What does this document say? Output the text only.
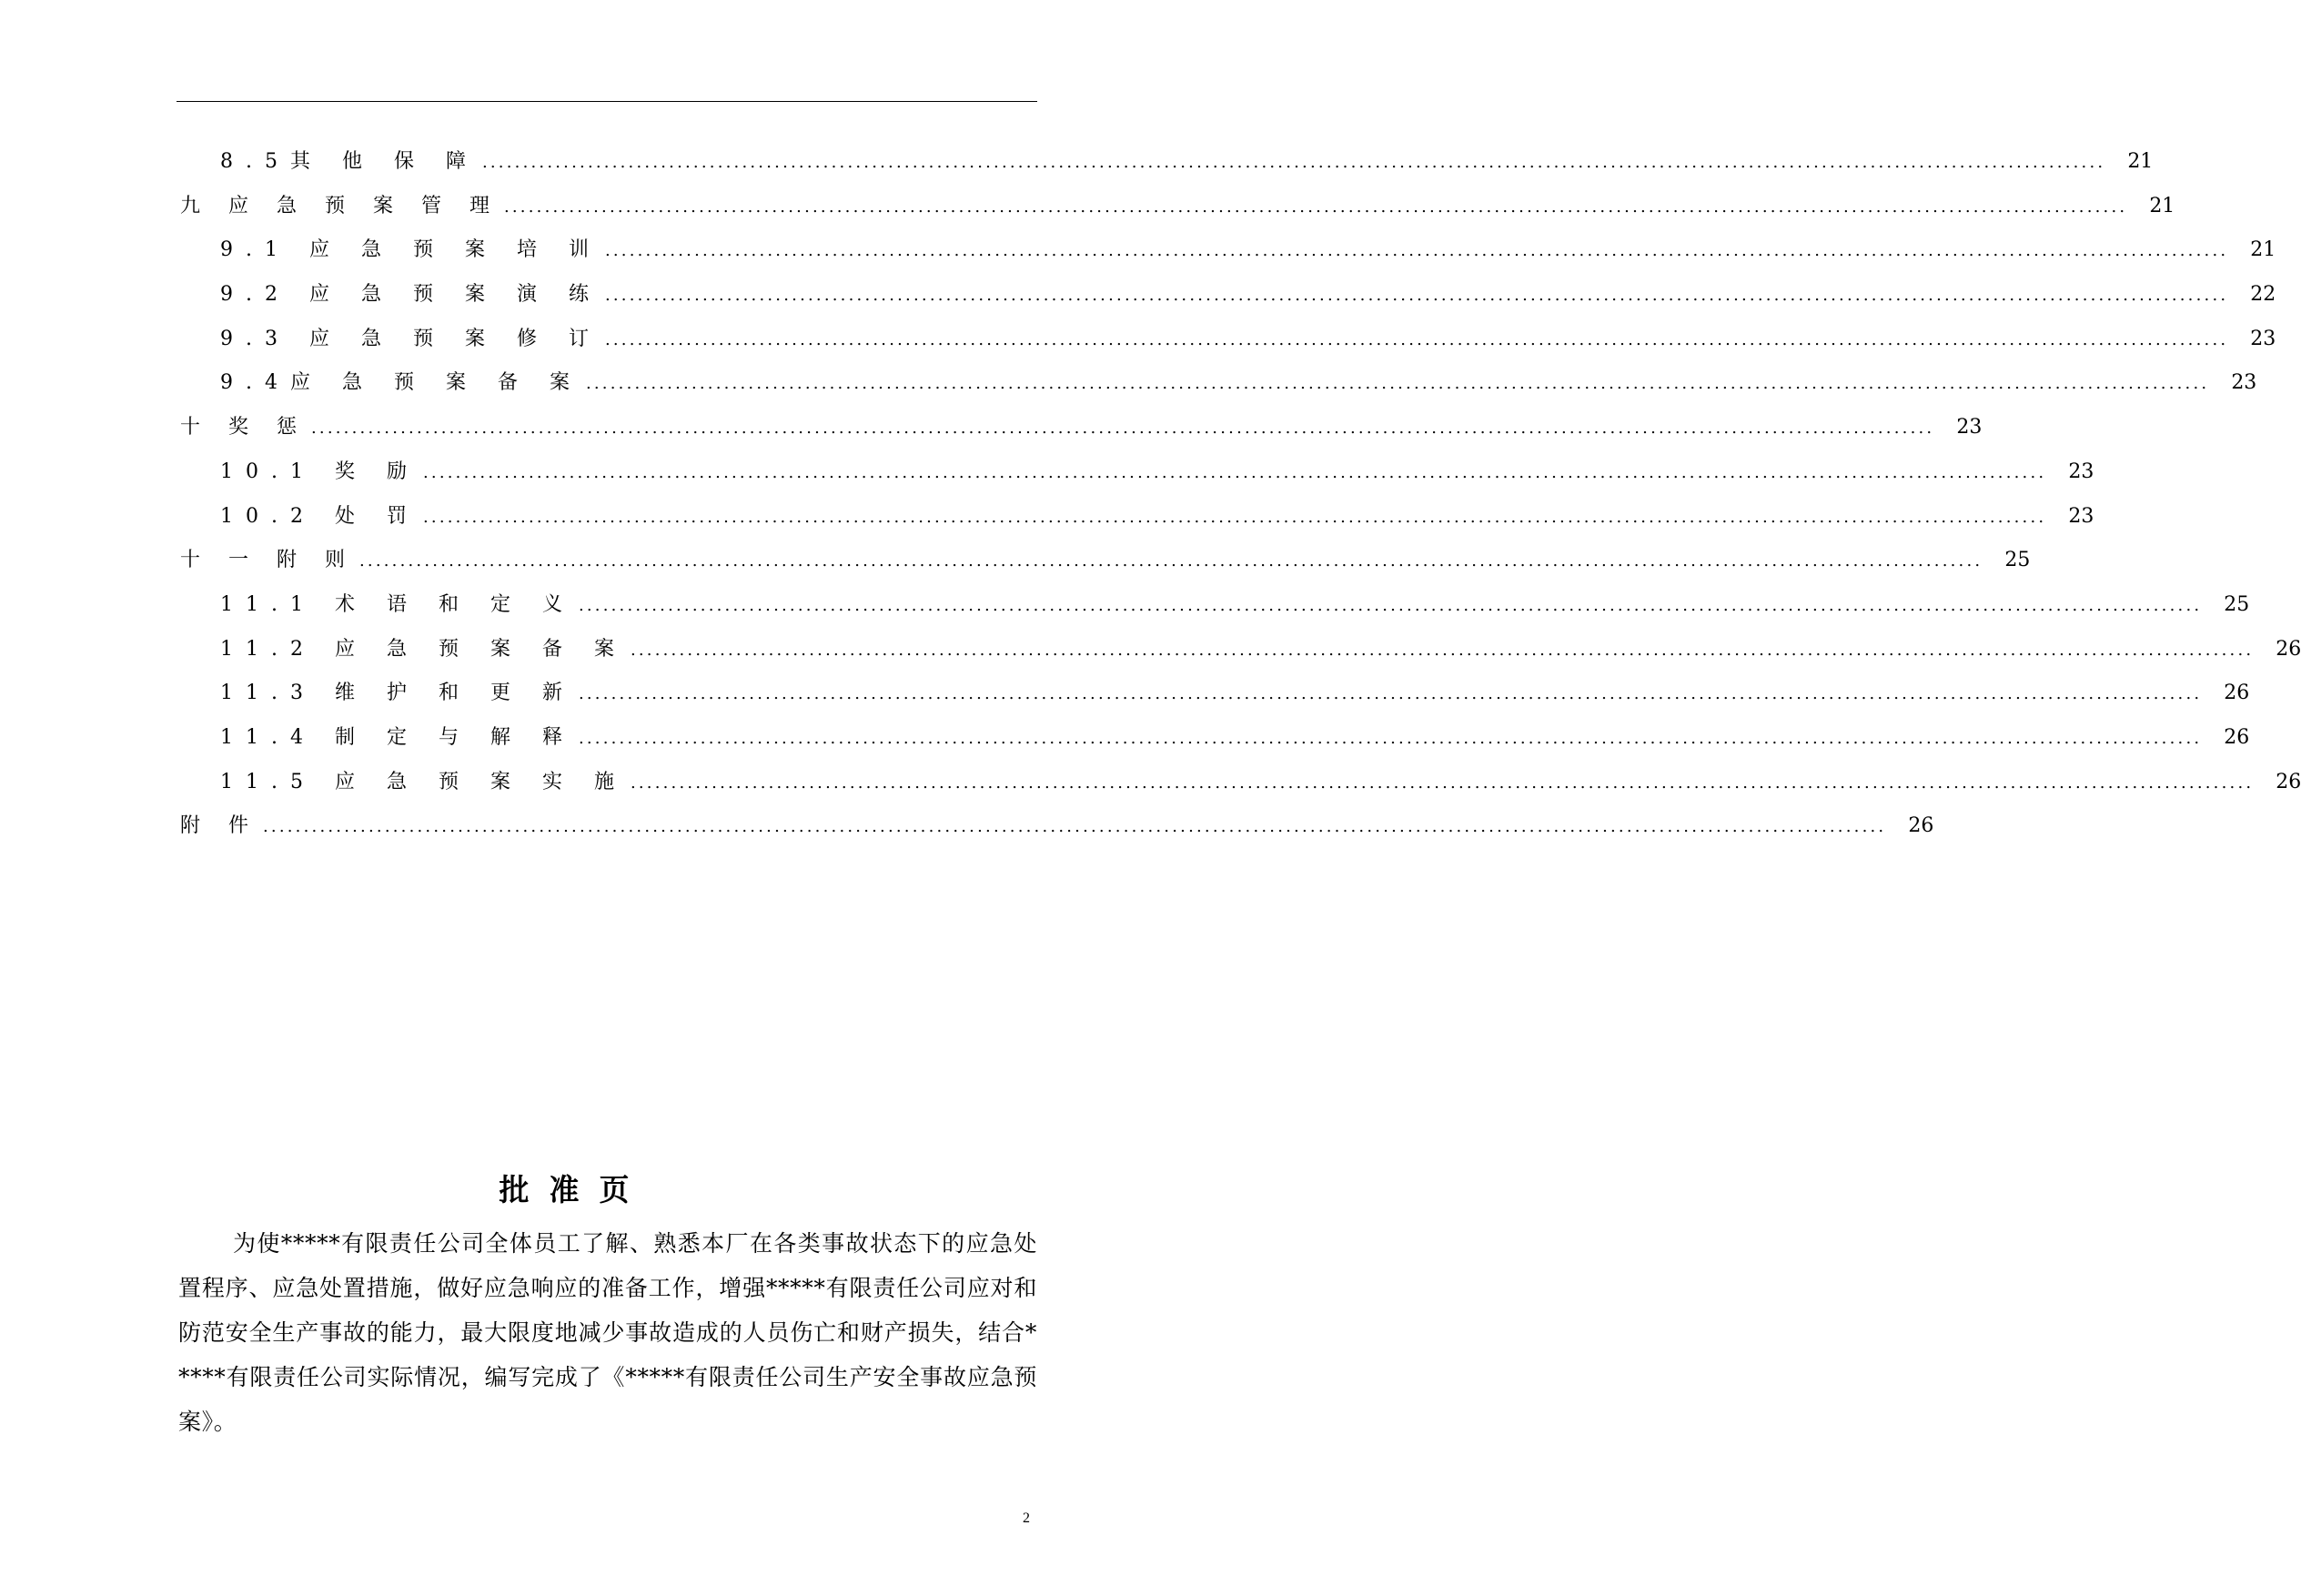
8.5其 他 保 障 ........................................................................................................................................................................................................	21
九 应 急 预 案 管 理 ........................................................................................................................................................................................................	21
9.1 应 急 预 案 培 训 ........................................................................................................................................................................................................	21
9.2 应 急 预 案 演 练 ........................................................................................................................................................................................................	22
9.3 应 急 预 案 修 订 ........................................................................................................................................................................................................	23
9.4应 急 预 案 备 案 ........................................................................................................................................................................................................	23
十 奖 惩 ........................................................................................................................................................................................................	23
10.1 奖 励 ........................................................................................................................................................................................................	23
10.2 处 罚 ........................................................................................................................................................................................................	23
十 一 附 则 ........................................................................................................................................................................................................	25
11.1 术 语 和 定 义 ........................................................................................................................................................................................................	25
11.2 应 急 预 案 备 案 ........................................................................................................................................................................................................	26
11.3 维 护 和 更 新 ........................................................................................................................................................................................................	26
11.4 制 定 与 解 释 ........................................................................................................................................................................................................	26
11.5 应 急 预 案 实 施 ........................................................................................................................................................................................................	26
附 件 ........................................................................................................................................................................................................	26
批准页
为使*****有限责任公司全体员工了解、熟悉本厂在各类事故状态下的应急处置程序、应急处置措施，做好应急响应的准备工作，增强*****有限责任公司应对和防范安全生产事故的能力，最大限度地减少事故造成的人员伤亡和财产损失，结合*****有限责任公司实际情况，编写完成了《*****有限责任公司生产安全事故应急预案》。
2
